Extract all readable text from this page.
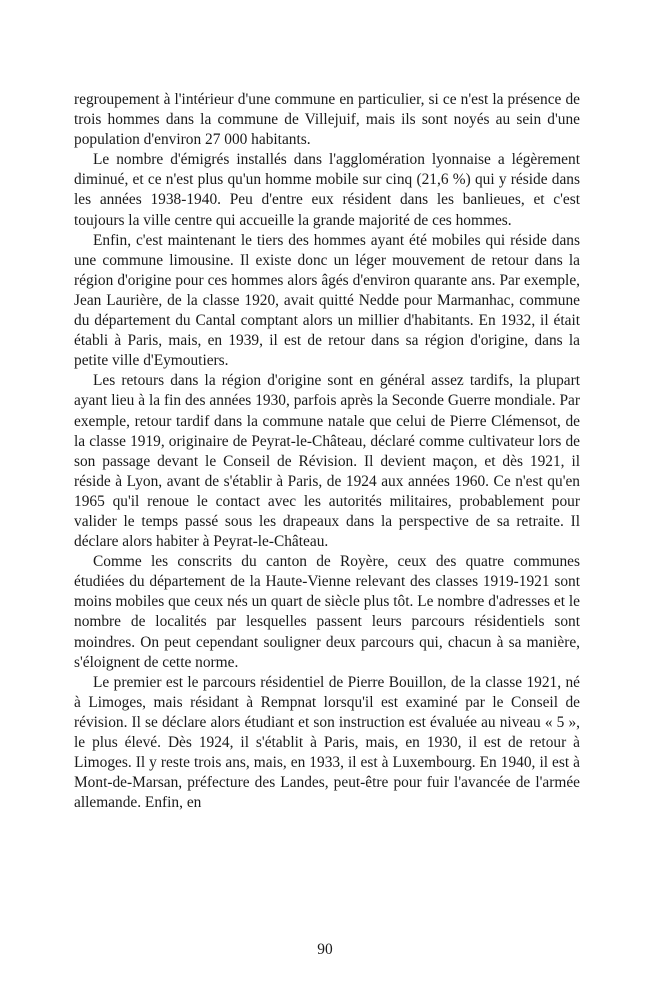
regroupement à l'intérieur d'une commune en particulier, si ce n'est la présence de trois hommes dans la commune de Villejuif, mais ils sont noyés au sein d'une population d'environ 27 000 habitants.

Le nombre d'émigrés installés dans l'agglomération lyonnaise a légèrement diminué, et ce n'est plus qu'un homme mobile sur cinq (21,6 %) qui y réside dans les années 1938-1940. Peu d'entre eux résident dans les banlieues, et c'est toujours la ville centre qui accueille la grande majorité de ces hommes.

Enfin, c'est maintenant le tiers des hommes ayant été mobiles qui réside dans une commune limousine. Il existe donc un léger mouvement de retour dans la région d'origine pour ces hommes alors âgés d'environ quarante ans. Par exemple, Jean Laurière, de la classe 1920, avait quitté Nedde pour Marmanhac, commune du département du Cantal comptant alors un millier d'habitants. En 1932, il était établi à Paris, mais, en 1939, il est de retour dans sa région d'origine, dans la petite ville d'Eymoutiers.

Les retours dans la région d'origine sont en général assez tardifs, la plupart ayant lieu à la fin des années 1930, parfois après la Seconde Guerre mondiale. Par exemple, retour tardif dans la commune natale que celui de Pierre Clémensot, de la classe 1919, originaire de Peyrat-le-Château, déclaré comme cultivateur lors de son passage devant le Conseil de Révision. Il devient maçon, et dès 1921, il réside à Lyon, avant de s'établir à Paris, de 1924 aux années 1960. Ce n'est qu'en 1965 qu'il renoue le contact avec les autorités militaires, probablement pour valider le temps passé sous les drapeaux dans la perspective de sa retraite. Il déclare alors habiter à Peyrat-le-Château.

Comme les conscrits du canton de Royère, ceux des quatre communes étudiées du département de la Haute-Vienne relevant des classes 1919-1921 sont moins mobiles que ceux nés un quart de siècle plus tôt. Le nombre d'adresses et le nombre de localités par lesquelles passent leurs parcours résidentiels sont moindres. On peut cependant souligner deux parcours qui, chacun à sa manière, s'éloignent de cette norme.

Le premier est le parcours résidentiel de Pierre Bouillon, de la classe 1921, né à Limoges, mais résidant à Rempnat lorsqu'il est examiné par le Conseil de révision. Il se déclare alors étudiant et son instruction est évaluée au niveau « 5 », le plus élevé. Dès 1924, il s'établit à Paris, mais, en 1930, il est de retour à Limoges. Il y reste trois ans, mais, en 1933, il est à Luxembourg. En 1940, il est à Mont-de-Marsan, préfecture des Landes, peut-être pour fuir l'avancée de l'armée allemande. Enfin, en

90
